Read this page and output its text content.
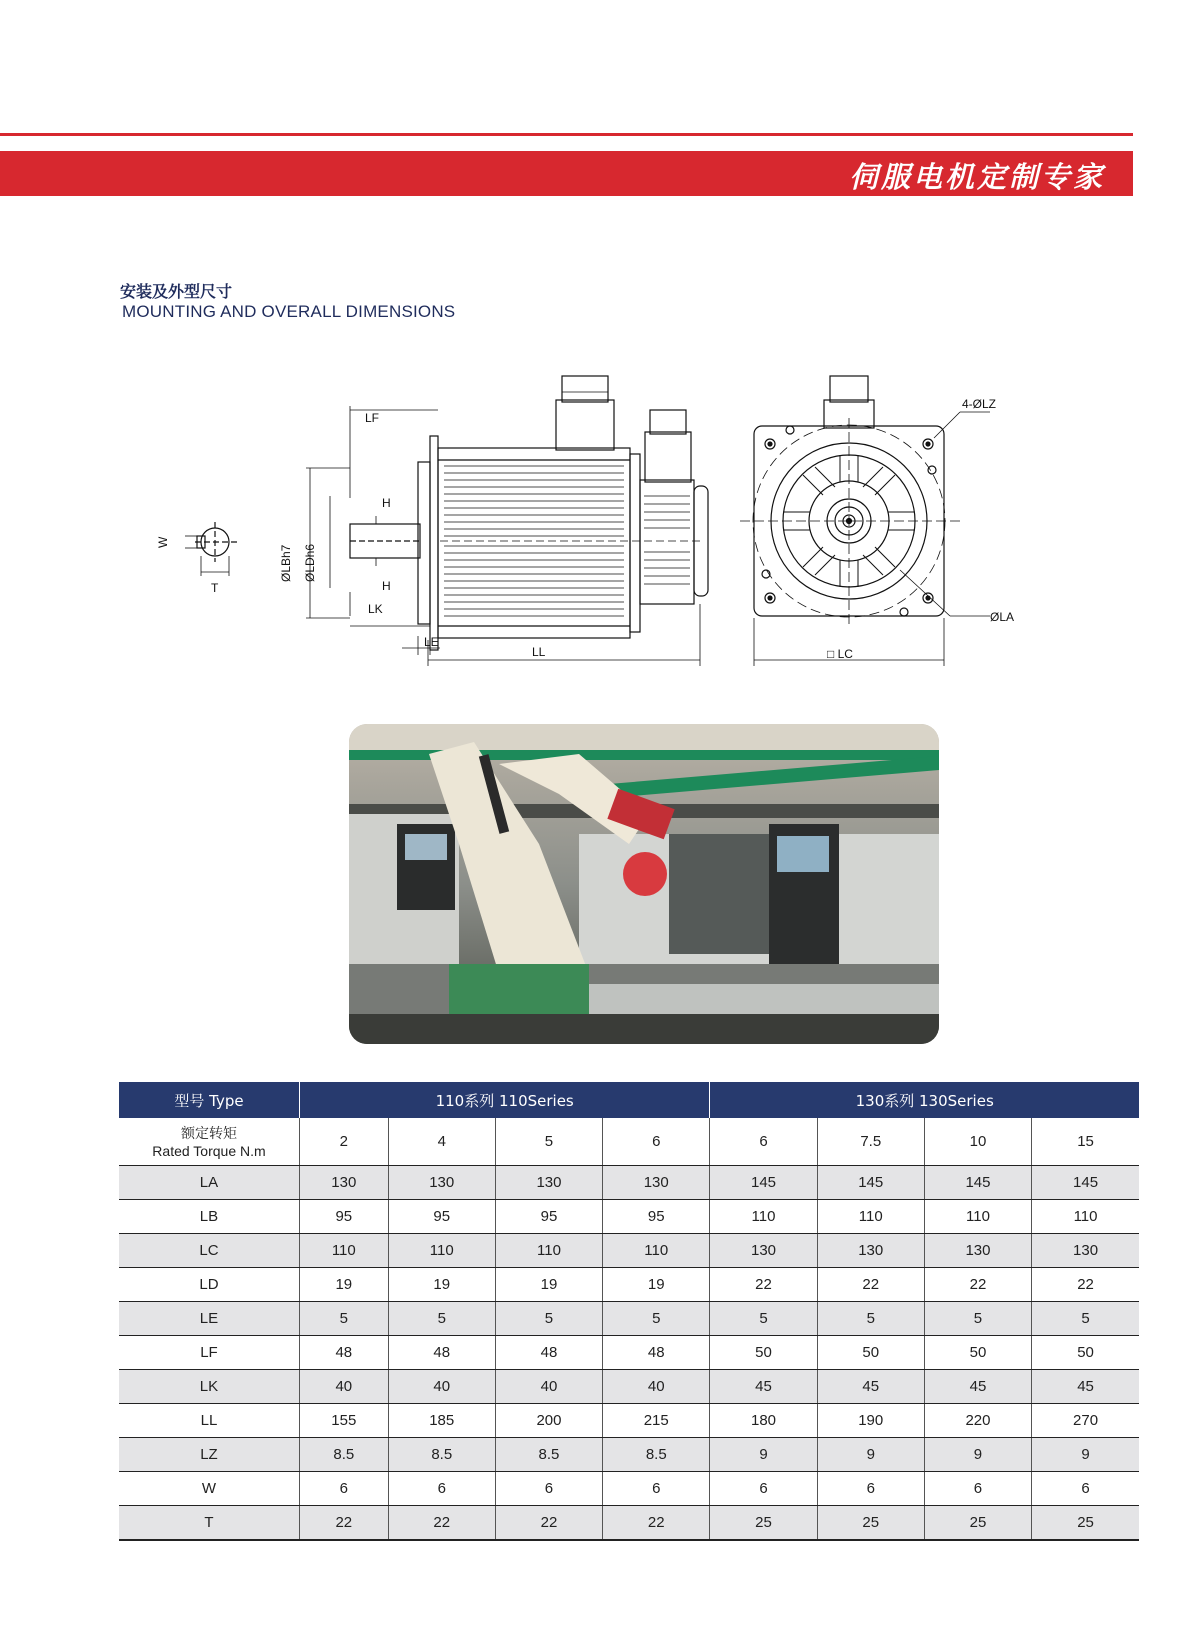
伺服电机定制专家
安装及外型尺寸
MOUNTING AND OVERALL DIMENSIONS
LF
H
H
ØLBh7 ØLDh6
LK
LE
LL
W
T
4-ØLZ
ØLA
□ LC
型号 Type	110系列 110Series				130系列 130Series			

额定转矩
Rated Torque N.m	2	4	5	6	6	7.5	10	15
LA	130	130	130	130	145	145	145	145
LB	95	95	95	95	110	110	110	110
LC	110	110	110	110	130	130	130	130
LD	19	19	19	19	22	22	22	22
LE	5	5	5	5	5	5	5	5
LF	48	48	48	48	50	50	50	50
LK	40	40	40	40	45	45	45	45
LL	155	185	200	215	180	190	220	270
LZ	8.5	8.5	8.5	8.5	9	9	9	9
W	6	6	6	6	6	6	6	6
T	22	22	22	22	25	25	25	25
